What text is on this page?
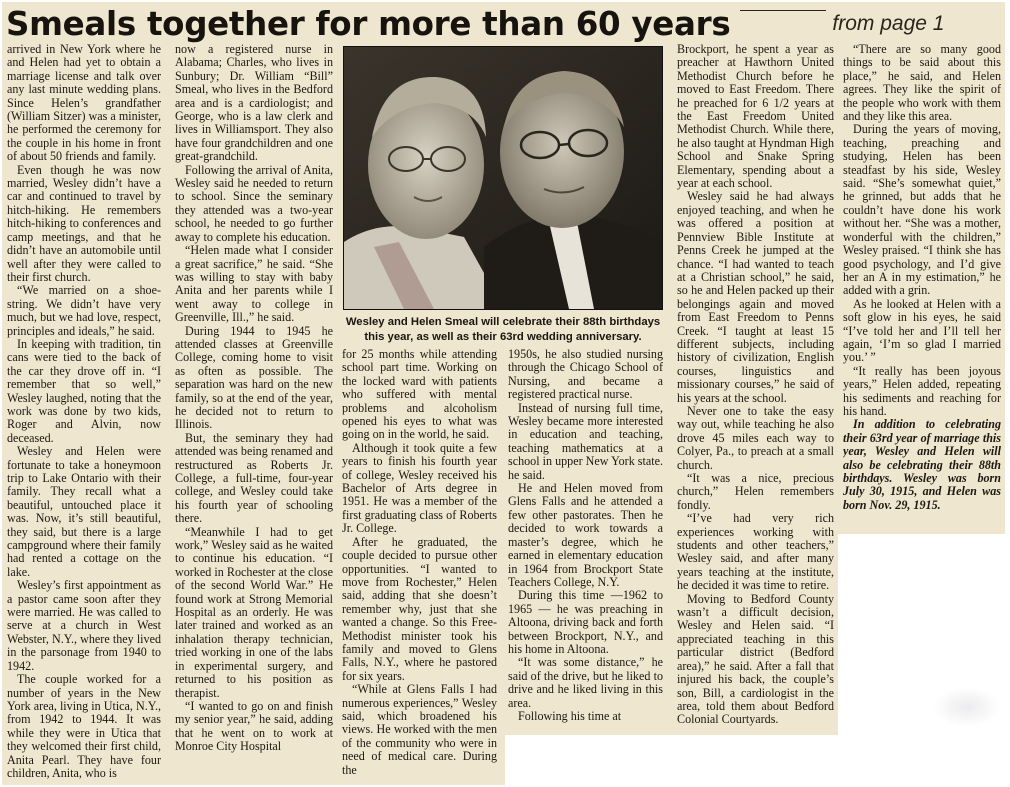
Smeals together for more than 60 years	from page 1

arrived in New York where he and Helen had yet to obtain a marriage license and talk over any last minute wedding plans. Since Helen’s grandfather (William Sitzer) was a minister, he performed the ceremony for the couple in his home in front of about 50 friends and family.

Even though he was now married, Wesley didn’t have a car and continued to travel by hitch-hiking. He remembers hitch-hiking to conferences and camp meetings, and that he didn’t have an automobile until well after they were called to their first church.

“We married on a shoe-string. We didn’t have very much, but we had love, respect, principles and ideals,” he said.

In keeping with tradition, tin cans were tied to the back of the car they drove off in. “I remember that so well,” Wesley laughed, noting that the work was done by two kids, Roger and Alvin, now deceased.

Wesley and Helen were fortunate to take a honeymoon trip to Lake Ontario with their family. They recall what a beautiful, untouched place it was. Now, it’s still beautiful, they said, but there is a large campground where their family had rented a cottage on the lake.

Wesley’s first appointment as a pastor came soon after they were married. He was called to serve at a church in West Webster, N.Y., where they lived in the parsonage from 1940 to 1942.

The couple worked for a number of years in the New York area, living in Utica, N.Y., from 1942 to 1944. It was while they were in Utica that they welcomed their first child, Anita Pearl. They have four children, Anita, who is

now a registered nurse in Alabama; Charles, who lives in Sunbury; Dr. William “Bill” Smeal, who lives in the Bedford area and is a cardiologist; and George, who is a law clerk and lives in Williamsport. They also have four grandchildren and one great-grandchild.

Following the arrival of Anita, Wesley said he needed to return to school. Since the seminary they attended was a two-year school, he needed to go further away to complete his education.

“Helen made what I consider a great sacrifice,” he said. “She was willing to stay with baby Anita and her parents while I went away to college in Greenville, Ill.,” he said.

During 1944 to 1945 he attended classes at Greenville College, coming home to visit as often as possible. The separation was hard on the new family, so at the end of the year, he decided not to return to Illinois.

But, the seminary they had attended was being renamed and restructured as Roberts Jr. College, a full-time, four-year college, and Wesley could take his fourth year of schooling there.

“Meanwhile I had to get work,” Wesley said as he waited to continue his education. “I worked in Rochester at the close of the second World War.” He found work at Strong Memorial Hospital as an orderly. He was later trained and worked as an inhalation therapy technician, tried working in one of the labs in experimental surgery, and returned to his position as therapist.

“I wanted to go on and finish my senior year,” he said, adding that he went on to work at Monroe City Hospital

Wesley and Helen Smeal will celebrate their 88th birthdays this year, as well as their 63rd wedding anniversary.

for 25 months while attending school part time. Working on the locked ward with patients who suffered with mental problems and alcoholism opened his eyes to what was going on in the world, he said.

Although it took quite a few years to finish his fourth year of college, Wesley received his Bachelor of Arts degree in 1951. He was a member of the first graduating class of Roberts Jr. College.

After he graduated, the couple decided to pursue other opportunities. “I wanted to move from Rochester,” Helen said, adding that she doesn’t remember why, just that she wanted a change. So this Free-Methodist minister took his family and moved to Glens Falls, N.Y., where he pastored for six years.

“While at Glens Falls I had numerous experiences,” Wesley said, which broadened his views. He worked with the men of the community who were in need of medical care. During the

1950s, he also studied nursing through the Chicago School of Nursing, and became a registered practical nurse.

Instead of nursing full time, Wesley became more interested in education and teaching, teaching mathematics at a school in upper New York state. he said.

He and Helen moved from Glens Falls and he attended a few other pastorates. Then he decided to work towards a master’s degree, which he earned in elementary education in 1964 from Brockport State Teachers College, N.Y.

During this time —1962 to 1965 — he was preaching in Altoona, driving back and forth between Brockport, N.Y., and his home in Altoona.

“It was some distance,” he said of the drive, but he liked to drive and he liked living in this area.

Following his time at

Brockport, he spent a year as preacher at Hawthorn United Methodist Church before he moved to East Freedom. There he preached for 6 1/2 years at the East Freedom United Methodist Church. While there, he also taught at Hyndman High School and Snake Spring Elementary, spending about a year at each school.

Wesley said he had always enjoyed teaching, and when he was offered a position at Pennview Bible Institute at Penns Creek he jumped at the chance. “I had wanted to teach at a Christian school,” he said, so he and Helen packed up their belongings again and moved from East Freedom to Penns Creek. “I taught at least 15 different subjects, including history of civilization, English courses, linguistics and missionary courses,” he said of his years at the school.

Never one to take the easy way out, while teaching he also drove 45 miles each way to Colyer, Pa., to preach at a small church.

“It was a nice, precious church,” Helen remembers fondly.

“I’ve had very rich experiences working with students and other teachers,” Wesley said, and after many years teaching at the institute, he decided it was time to retire.

Moving to Bedford County wasn’t a difficult decision, Wesley and Helen said. “I appreciated teaching in this particular district (Bedford area),” he said. After a fall that injured his back, the couple’s son, Bill, a cardiologist in the area, told them about Bedford Colonial Courtyards.

“There are so many good things to be said about this place,” he said, and Helen agrees. They like the spirit of the people who work with them and they like this area.

During the years of moving, teaching, preaching and studying, Helen has been steadfast by his side, Wesley said. “She’s somewhat quiet,” he grinned, but adds that he couldn’t have done his work without her. “She was a mother, wonderful with the children,” Wesley praised. “I think she has good psychology, and I’d give her an A in my estimation,” he added with a grin.

As he looked at Helen with a soft glow in his eyes, he said “I’ve told her and I’ll tell her again, ‘I’m so glad I married you.’ ”

“It really has been joyous years,” Helen added, repeating his sediments and reaching for his hand.

In addition to celebrating their 63rd year of marriage this year, Wesley and Helen will also be celebrating their 88th birthdays. Wesley was born July 30, 1915, and Helen was born Nov. 29, 1915.
